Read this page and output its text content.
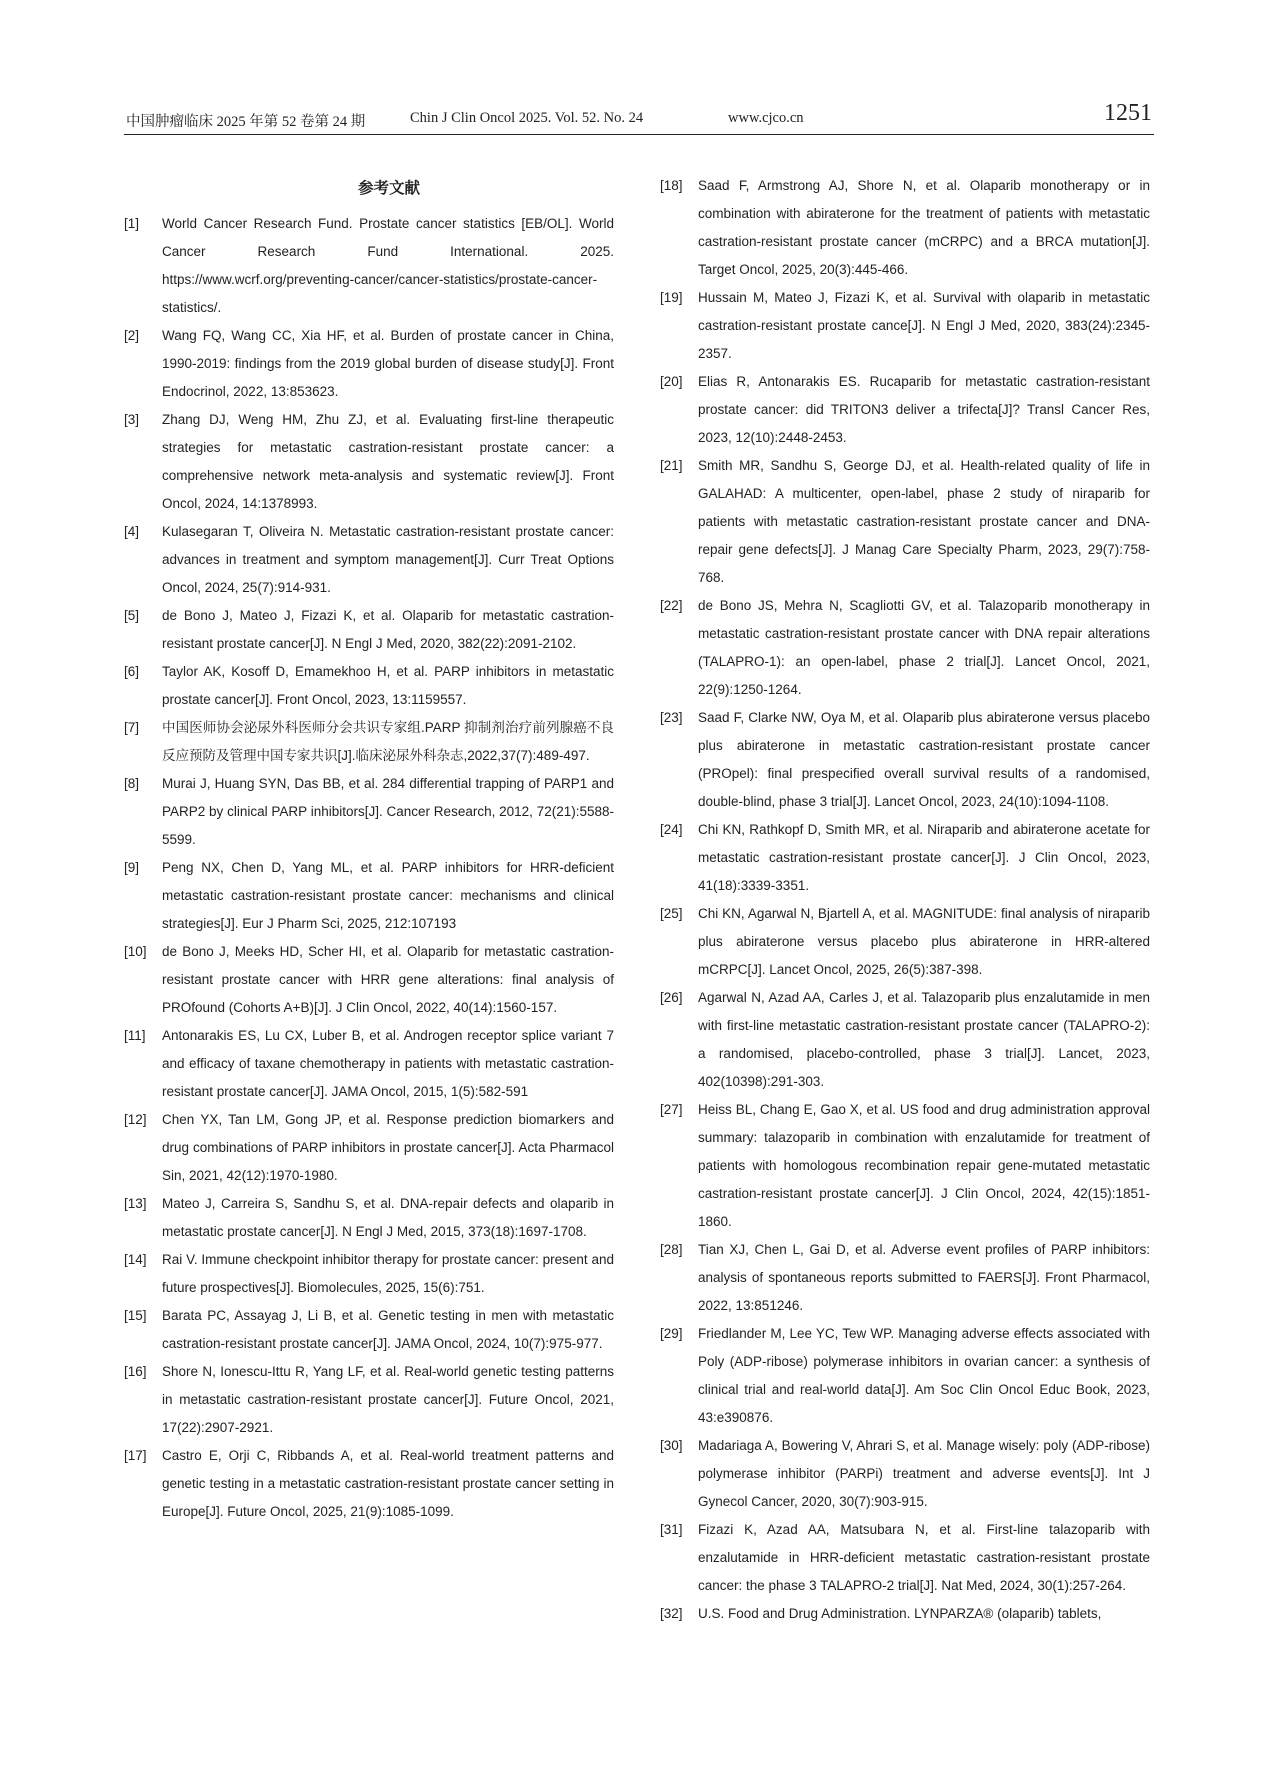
中国肿瘤临床 2025 年第 52 卷第 24 期	Chin J Clin Oncol 2025. Vol. 52. No. 24	www.cjco.cn	1251
参考文献
[1]	World Cancer Research Fund. Prostate cancer statistics [EB/OL]. World Cancer Research Fund International. 2025. https://www.wcrf.org/preventing-cancer/cancer-statistics/prostate-cancer-statistics/.
[2]	Wang FQ, Wang CC, Xia HF, et al. Burden of prostate cancer in China, 1990-2019: findings from the 2019 global burden of disease study[J]. Front Endocrinol, 2022, 13:853623.
[3]	Zhang DJ, Weng HM, Zhu ZJ, et al. Evaluating first-line therapeutic strategies for metastatic castration-resistant prostate cancer: a comprehensive network meta-analysis and systematic review[J]. Front Oncol, 2024, 14:1378993.
[4]	Kulasegaran T, Oliveira N. Metastatic castration-resistant prostate cancer: advances in treatment and symptom management[J]. Curr Treat Options Oncol, 2024, 25(7):914-931.
[5]	de Bono J, Mateo J, Fizazi K, et al. Olaparib for metastatic castration-resistant prostate cancer[J]. N Engl J Med, 2020, 382(22):2091-2102.
[6]	Taylor AK, Kosoff D, Emamekhoo H, et al. PARP inhibitors in metastatic prostate cancer[J]. Front Oncol, 2023, 13:1159557.
[7]	中国医师协会泌尿外科医师分会共识专家组.PARP 抑制剂治疗前列腺癌不良反应预防及管理中国专家共识[J].临床泌尿外科杂志,2022,37(7):489-497.
[8]	Murai J, Huang SYN, Das BB, et al. 284 differential trapping of PARP1 and PARP2 by clinical PARP inhibitors[J]. Cancer Research, 2012, 72(21):5588-5599.
[9]	Peng NX, Chen D, Yang ML, et al. PARP inhibitors for HRR-deficient metastatic castration-resistant prostate cancer: mechanisms and clinical strategies[J]. Eur J Pharm Sci, 2025, 212:107193
[10]	de Bono J, Meeks HD, Scher HI, et al. Olaparib for metastatic castration-resistant prostate cancer with HRR gene alterations: final analysis of PROfound (Cohorts A+B)[J]. J Clin Oncol, 2022, 40(14):1560-157.
[11]	Antonarakis ES, Lu CX, Luber B, et al. Androgen receptor splice variant 7 and efficacy of taxane chemotherapy in patients with metastatic castration-resistant prostate cancer[J]. JAMA Oncol, 2015, 1(5):582-591
[12]	Chen YX, Tan LM, Gong JP, et al. Response prediction biomarkers and drug combinations of PARP inhibitors in prostate cancer[J]. Acta Pharmacol Sin, 2021, 42(12):1970-1980.
[13]	Mateo J, Carreira S, Sandhu S, et al. DNA-repair defects and olaparib in metastatic prostate cancer[J]. N Engl J Med, 2015, 373(18):1697-1708.
[14]	Rai V. Immune checkpoint inhibitor therapy for prostate cancer: present and future prospectives[J]. Biomolecules, 2025, 15(6):751.
[15]	Barata PC, Assayag J, Li B, et al. Genetic testing in men with metastatic castration-resistant prostate cancer[J]. JAMA Oncol, 2024, 10(7):975-977.
[16]	Shore N, Ionescu-Ittu R, Yang LF, et al. Real-world genetic testing patterns in metastatic castration-resistant prostate cancer[J]. Future Oncol, 2021, 17(22):2907-2921.
[17]	Castro E, Orji C, Ribbands A, et al. Real-world treatment patterns and genetic testing in a metastatic castration-resistant prostate cancer setting in Europe[J]. Future Oncol, 2025, 21(9):1085-1099.
[18]	Saad F, Armstrong AJ, Shore N, et al. Olaparib monotherapy or in combination with abiraterone for the treatment of patients with metastatic castration-resistant prostate cancer (mCRPC) and a BRCA mutation[J]. Target Oncol, 2025, 20(3):445-466.
[19]	Hussain M, Mateo J, Fizazi K, et al. Survival with olaparib in metastatic castration-resistant prostate cance[J]. N Engl J Med, 2020, 383(24):2345-2357.
[20]	Elias R, Antonarakis ES. Rucaparib for metastatic castration-resistant prostate cancer: did TRITON3 deliver a trifecta[J]? Transl Cancer Res, 2023, 12(10):2448-2453.
[21]	Smith MR, Sandhu S, George DJ, et al. Health-related quality of life in GALAHAD: A multicenter, open-label, phase 2 study of niraparib for patients with metastatic castration-resistant prostate cancer and DNA-repair gene defects[J]. J Manag Care Specialty Pharm, 2023, 29(7):758-768.
[22]	de Bono JS, Mehra N, Scagliotti GV, et al. Talazoparib monotherapy in metastatic castration-resistant prostate cancer with DNA repair alterations (TALAPRO-1): an open-label, phase 2 trial[J]. Lancet Oncol, 2021, 22(9):1250-1264.
[23]	Saad F, Clarke NW, Oya M, et al. Olaparib plus abiraterone versus placebo plus abiraterone in metastatic castration-resistant prostate cancer (PROpel): final prespecified overall survival results of a randomised, double-blind, phase 3 trial[J]. Lancet Oncol, 2023, 24(10):1094-1108.
[24]	Chi KN, Rathkopf D, Smith MR, et al. Niraparib and abiraterone acetate for metastatic castration-resistant prostate cancer[J]. J Clin Oncol, 2023, 41(18):3339-3351.
[25]	Chi KN, Agarwal N, Bjartell A, et al. MAGNITUDE: final analysis of niraparib plus abiraterone versus placebo plus abiraterone in HRR-altered mCRPC[J]. Lancet Oncol, 2025, 26(5):387-398.
[26]	Agarwal N, Azad AA, Carles J, et al. Talazoparib plus enzalutamide in men with first-line metastatic castration-resistant prostate cancer (TALAPRO-2): a randomised, placebo-controlled, phase 3 trial[J]. Lancet, 2023, 402(10398):291-303.
[27]	Heiss BL, Chang E, Gao X, et al. US food and drug administration approval summary: talazoparib in combination with enzalutamide for treatment of patients with homologous recombination repair gene-mutated metastatic castration-resistant prostate cancer[J]. J Clin Oncol, 2024, 42(15):1851-1860.
[28]	Tian XJ, Chen L, Gai D, et al. Adverse event profiles of PARP inhibitors: analysis of spontaneous reports submitted to FAERS[J]. Front Pharmacol, 2022, 13:851246.
[29]	Friedlander M, Lee YC, Tew WP. Managing adverse effects associated with Poly (ADP-ribose) polymerase inhibitors in ovarian cancer: a synthesis of clinical trial and real-world data[J]. Am Soc Clin Oncol Educ Book, 2023, 43:e390876.
[30]	Madariaga A, Bowering V, Ahrari S, et al. Manage wisely: poly (ADP-ribose) polymerase inhibitor (PARPi) treatment and adverse events[J]. Int J Gynecol Cancer, 2020, 30(7):903-915.
[31]	Fizazi K, Azad AA, Matsubara N, et al. First-line talazoparib with enzalutamide in HRR-deficient metastatic castration-resistant prostate cancer: the phase 3 TALAPRO-2 trial[J]. Nat Med, 2024, 30(1):257-264.
[32]	U.S. Food and Drug Administration. LYNPARZA® (olaparib) tablets,
